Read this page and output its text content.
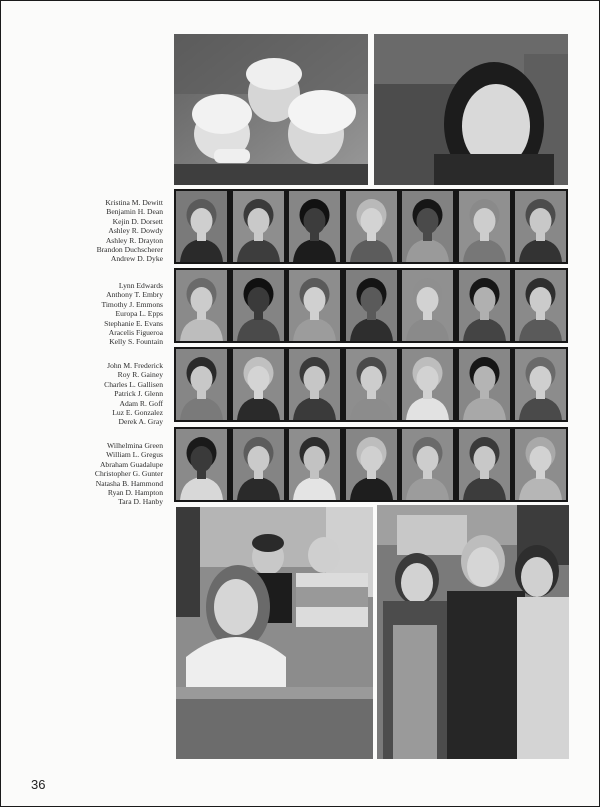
Kristina M. Dewitt
Benjamin H. Dean
Kejin D. Dorsett
Ashley R. Dowdy
Ashley R. Drayton
Brandon Duchscherer
Andrew D. Dyke
Lynn Edwards
Anthony T. Embry
Timothy J. Emmons
Europa L. Epps
Stephanie E. Evans
Aracelis Figueroa
Kelly S. Fountain
John M. Frederick
Roy R. Gainey
Charles L. Gallisen
Patrick J. Glenn
Adam R. Goff
Luz E. Gonzalez
Derek A. Gray
Wilhelmina Green
William L. Gregus
Abraham Guadalupe
Christopher G. Gunter
Natasha B. Hammond
Ryan D. Hampton
Tara D. Hanby
36
